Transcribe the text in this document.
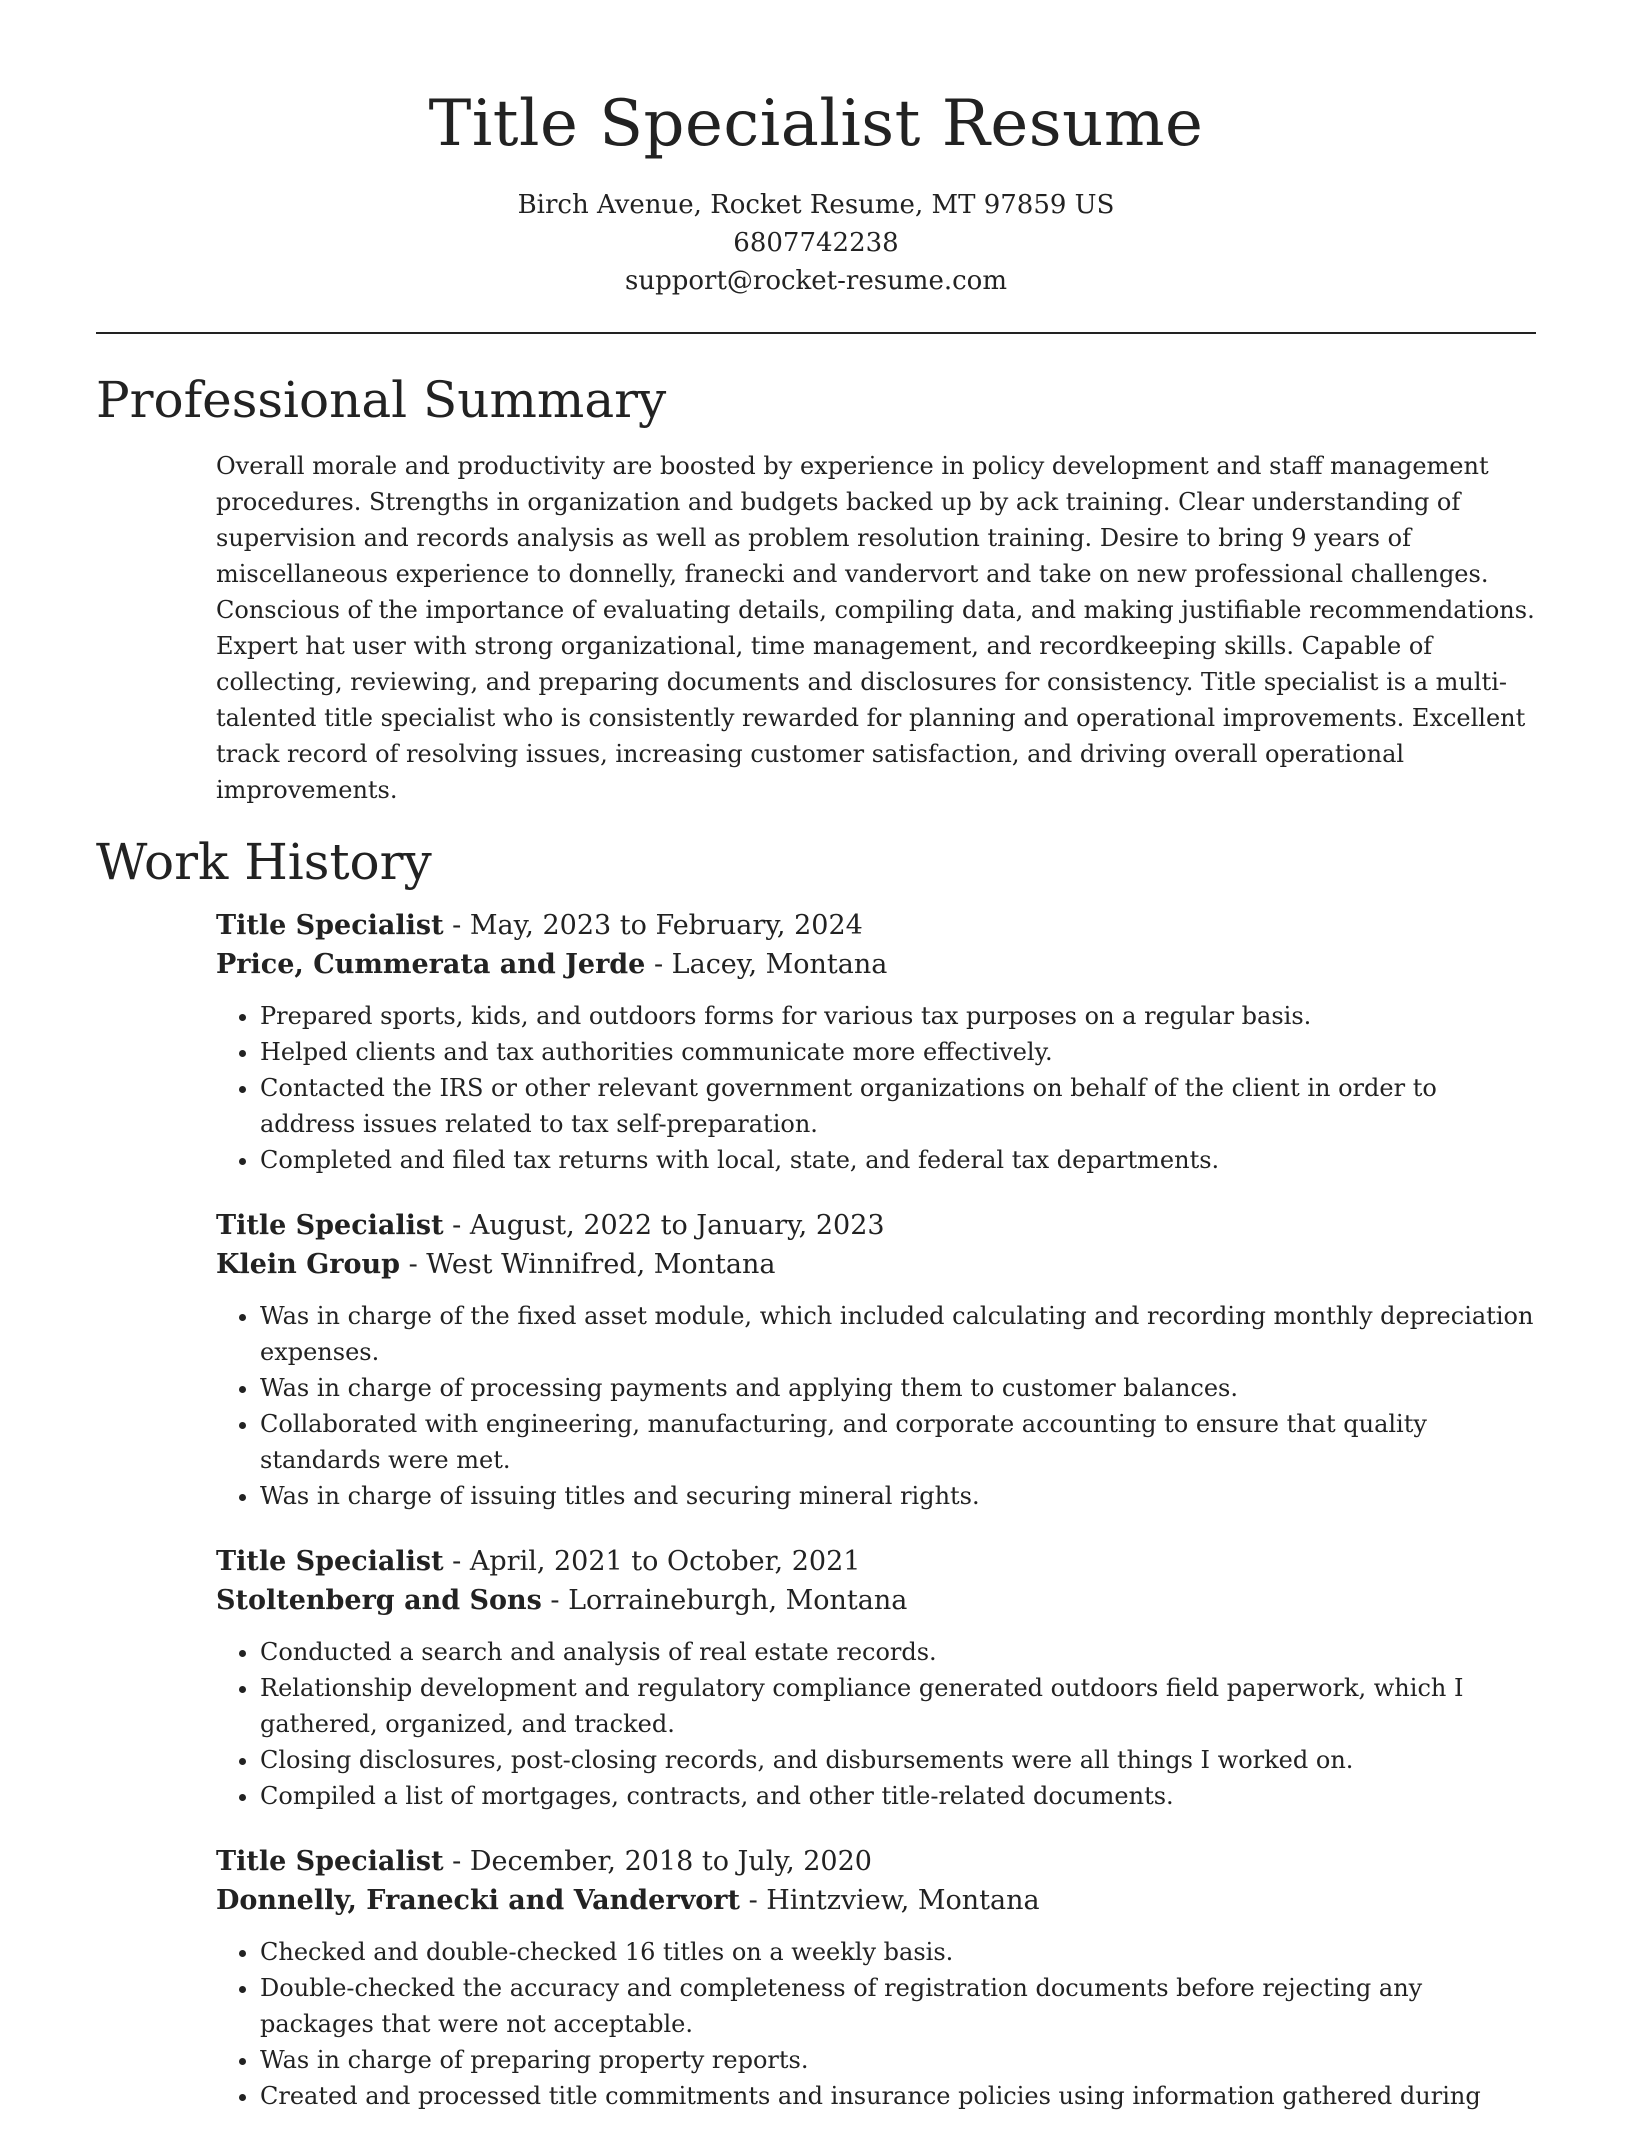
Title Specialist Resume
Birch Avenue, Rocket Resume, MT 97859 US
6807742238
support@rocket-resume.com
Professional Summary

Overall morale and productivity are boosted by experience in policy development and staff management procedures. Strengths in organization and budgets backed up by ack training. Clear understanding of supervision and records analysis as well as problem resolution training. Desire to bring 9 years of miscellaneous experience to donnelly, franecki and vandervort and take on new professional challenges. Conscious of the importance of evaluating details, compiling data, and making justifiable recommendations. Expert hat user with strong organizational, time management, and recordkeeping skills. Capable of collecting, reviewing, and preparing documents and disclosures for consistency. Title specialist is a multi-talented title specialist who is consistently rewarded for planning and operational improvements. Excellent track record of resolving issues, increasing customer satisfaction, and driving overall operational improvements.

Work History
Title Specialist - May, 2023 to February, 2024
Price, Cummerata and Jerde - Lacey, Montana
• Prepared sports, kids, and outdoors forms for various tax purposes on a regular basis.
• Helped clients and tax authorities communicate more effectively.
• Contacted the IRS or other relevant government organizations on behalf of the client in order to address issues related to tax self-preparation.
• Completed and filed tax returns with local, state, and federal tax departments.
Title Specialist - August, 2022 to January, 2023
Klein Group - West Winnifred, Montana
• Was in charge of the fixed asset module, which included calculating and recording monthly depreciation expenses.
• Was in charge of processing payments and applying them to customer balances.
• Collaborated with engineering, manufacturing, and corporate accounting to ensure that quality standards were met.
• Was in charge of issuing titles and securing mineral rights.
Title Specialist - April, 2021 to October, 2021
Stoltenberg and Sons - Lorraineburgh, Montana
• Conducted a search and analysis of real estate records.
• Relationship development and regulatory compliance generated outdoors field paperwork, which I gathered, organized, and tracked.
• Closing disclosures, post-closing records, and disbursements were all things I worked on.
• Compiled a list of mortgages, contracts, and other title-related documents.
Title Specialist - December, 2018 to July, 2020
Donnelly, Franecki and Vandervort - Hintzview, Montana
• Checked and double-checked 16 titles on a weekly basis.
• Double-checked the accuracy and completeness of registration documents before rejecting any packages that were not acceptable.
• Was in charge of preparing property reports.
• Created and processed title commitments and insurance policies using information gathered during
